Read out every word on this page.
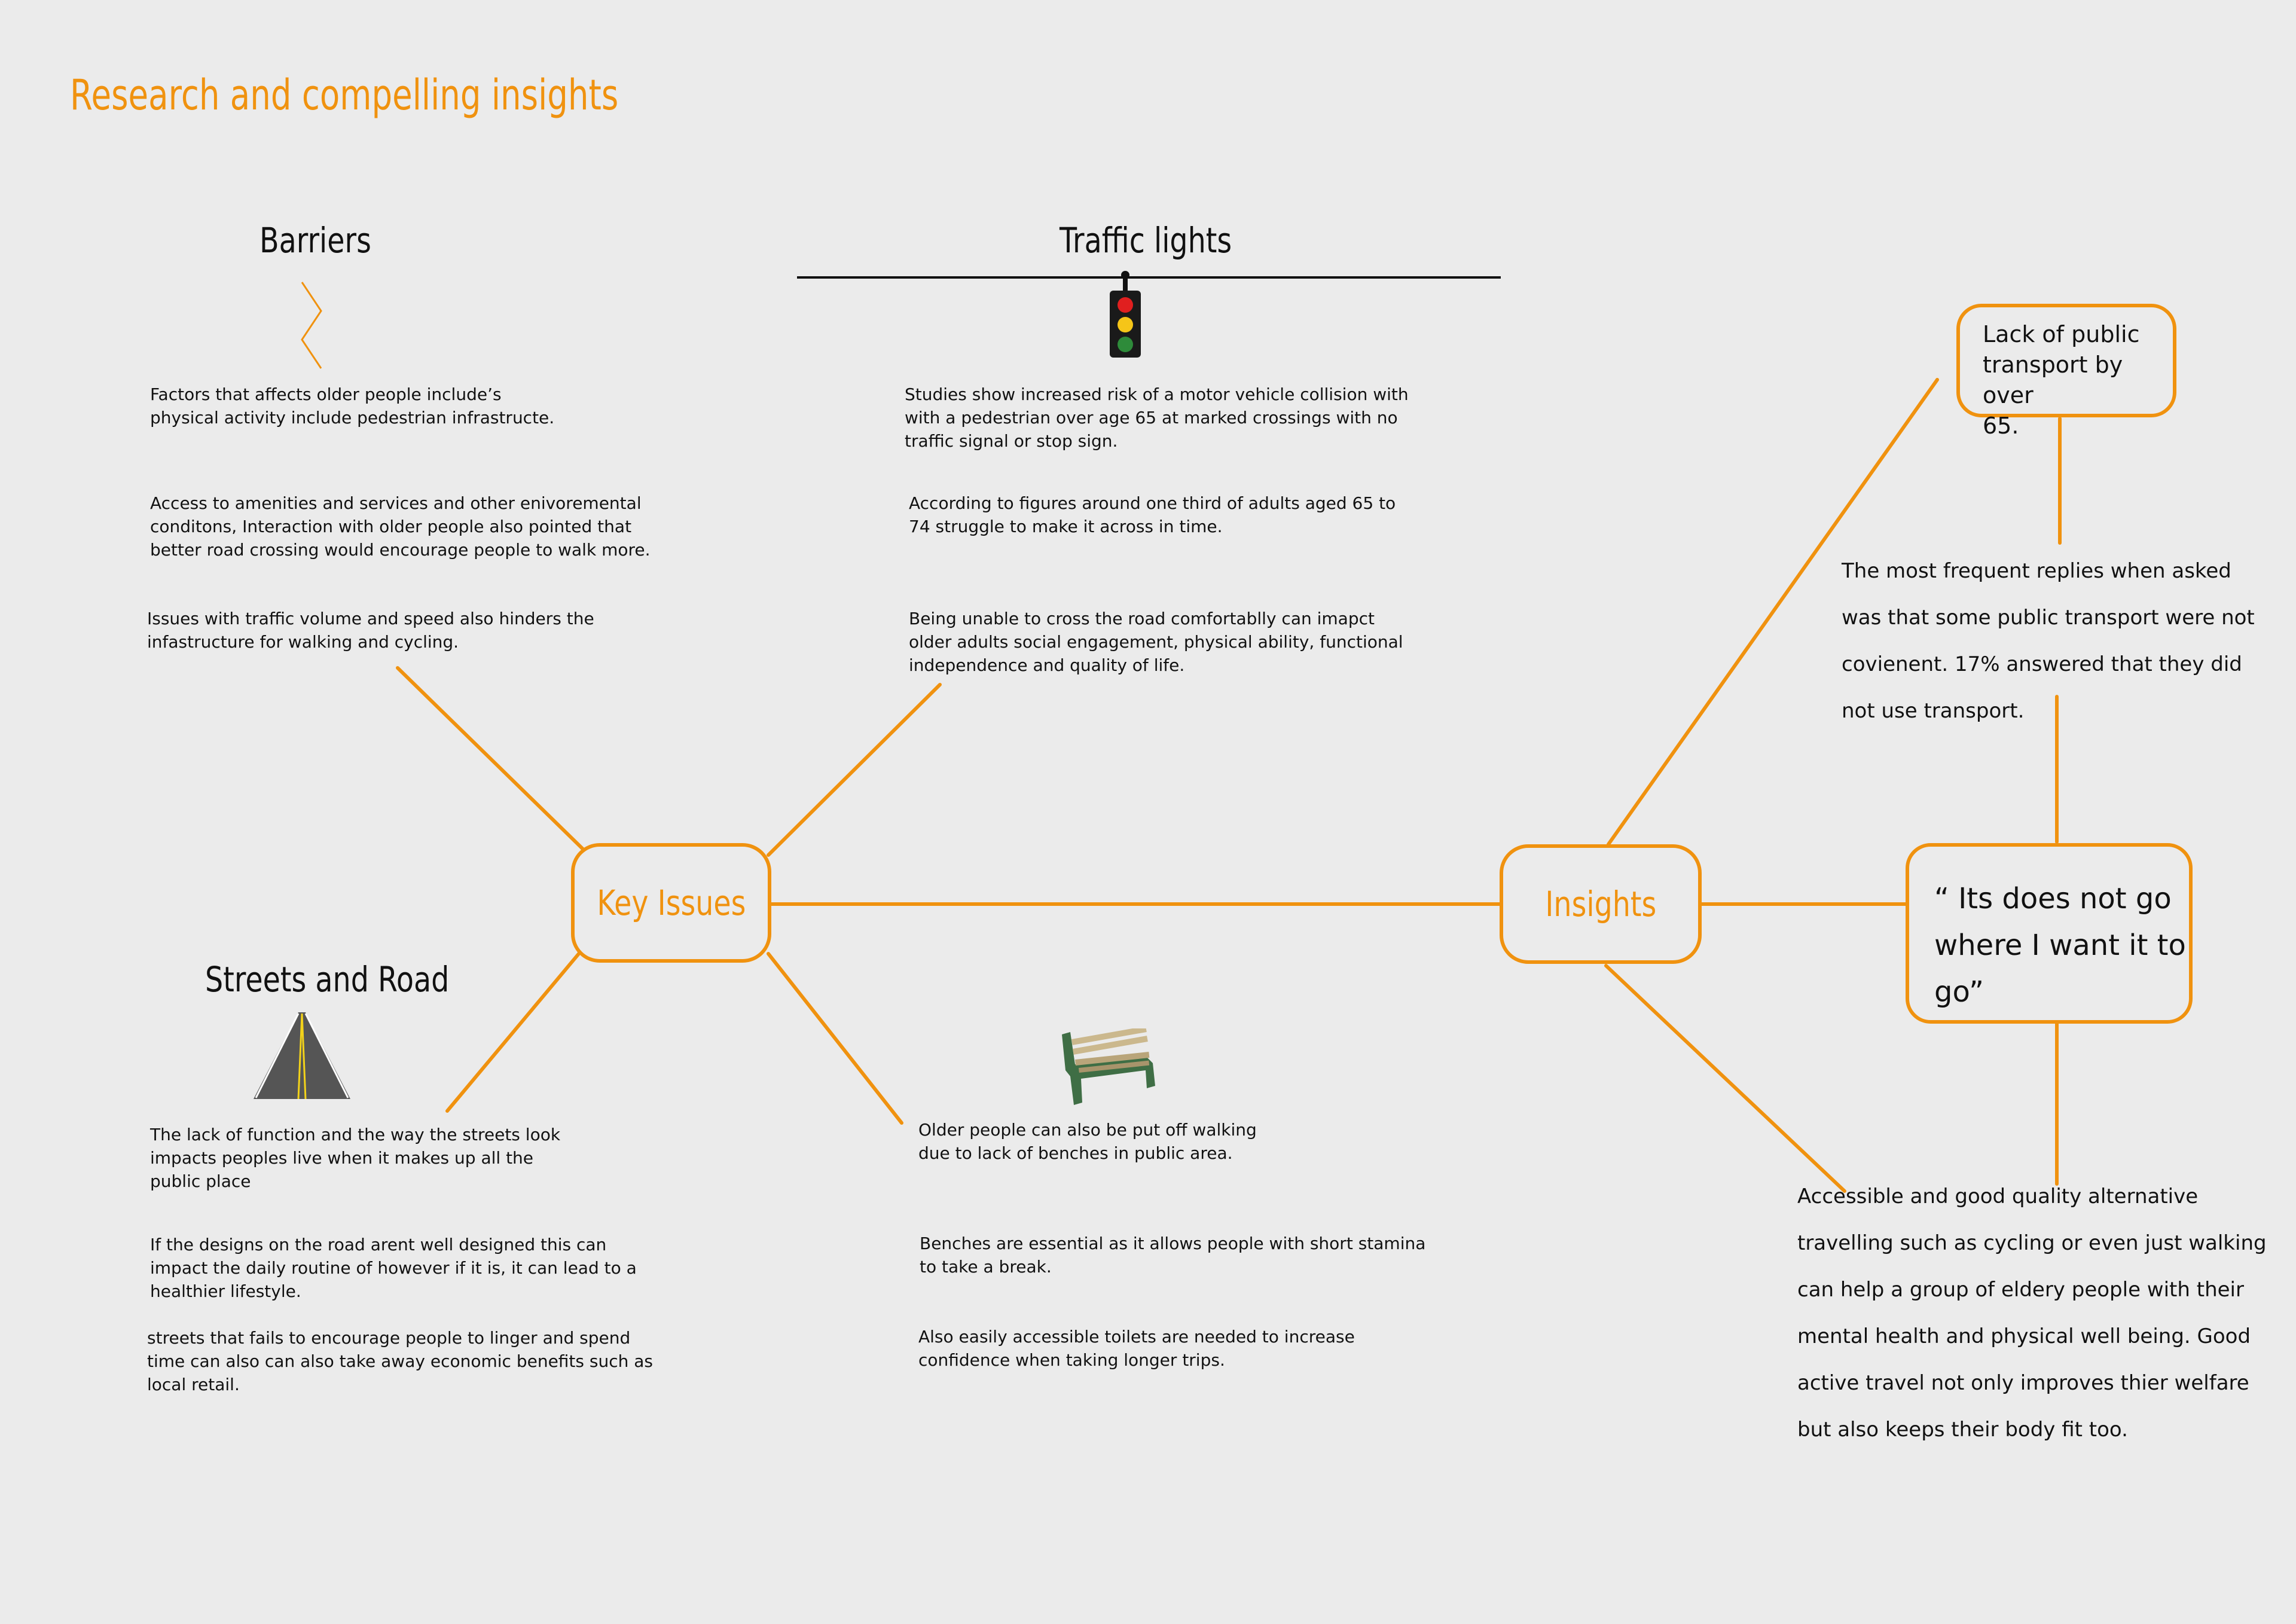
Research and compelling insights
Barriers
Factors that affects older people include’s
physical activity include pedestrian infrastructe.
Access to amenities and services and other enivoremental
conditons, Interaction with older people also pointed that
better road crossing would encourage people to walk more.
Issues with traffic volume and speed also hinders the
infastructure for walking and cycling.
Traffic lights
Studies show increased risk of a motor vehicle collision with
with a pedestrian over age 65 at marked crossings with no
traffic signal or stop sign.
According to figures around one third of adults aged 65 to
74 struggle to make it across in time.
Being unable to cross the road comfortablly can imapct
older adults social engagement, physical ability, functional
independence and quality of life.
Key Issues
Streets and Road
The lack of function and the way the streets look
impacts peoples live when it makes up all the
public place
If the designs on the road arent well designed this can
impact the daily routine of however if it is, it can lead to a
healthier lifestyle.
streets that fails to encourage people to linger and spend
time can also can also take away economic benefits such as
local retail.
Older people can also be put off walking
due to lack of benches in public area.
Benches are essential as it allows people with short stamina
to take a break.
Also easily accessible toilets are needed to increase
confidence when taking longer trips.
Insights
Lack of public
transport by over
65.
The most frequent replies when asked
was that some public transport were not
covienent. 17% answered that they did
not use transport.
“ Its does not go
where I want it to
go”
Accessible and good quality alternative
travelling such as cycling or even just walking
can help a group of eldery people with their
mental health and physical well being. Good
active travel not only improves thier welfare
but also keeps their body fit too.
